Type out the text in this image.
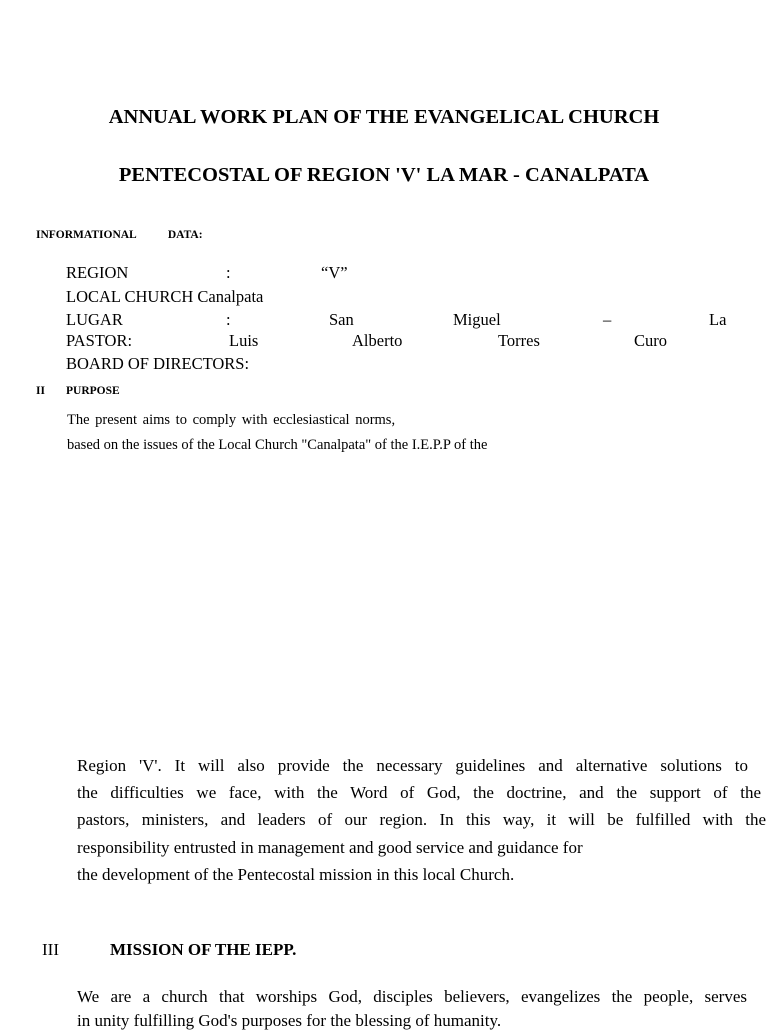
ANNUAL WORK PLAN OF THE EVANGELICAL CHURCH
PENTECOSTAL OF REGION 'V' LA MAR - CANALPATA
INFORMATIONAL	DATA:
REGION	:	“V”
LOCAL CHURCH Canalpata
LUGAR	:	San	Miguel	–	La
PASTOR:	Luis	Alberto	Torres	Curo
BOARD OF DIRECTORS:
II PURPOSE
The present aims to comply with ecclesiastical norms,
based on the issues of the Local Church "Canalpata" of the I.E.P.P of the
Region 'V'. It will also provide the necessary guidelines and alternative solutions to
the difficulties we face, with the Word of God, the doctrine, and the support of the
pastors, ministers, and leaders of our region. In this way, it will be fulfilled with the
responsibility entrusted in management and good service and guidance for
the development of the Pentecostal mission in this local Church.
III	MISSION OF THE IEPP.
We are a church that worships God, disciples believers, evangelizes the people, serves
in unity fulfilling God's purposes for the blessing of humanity.
